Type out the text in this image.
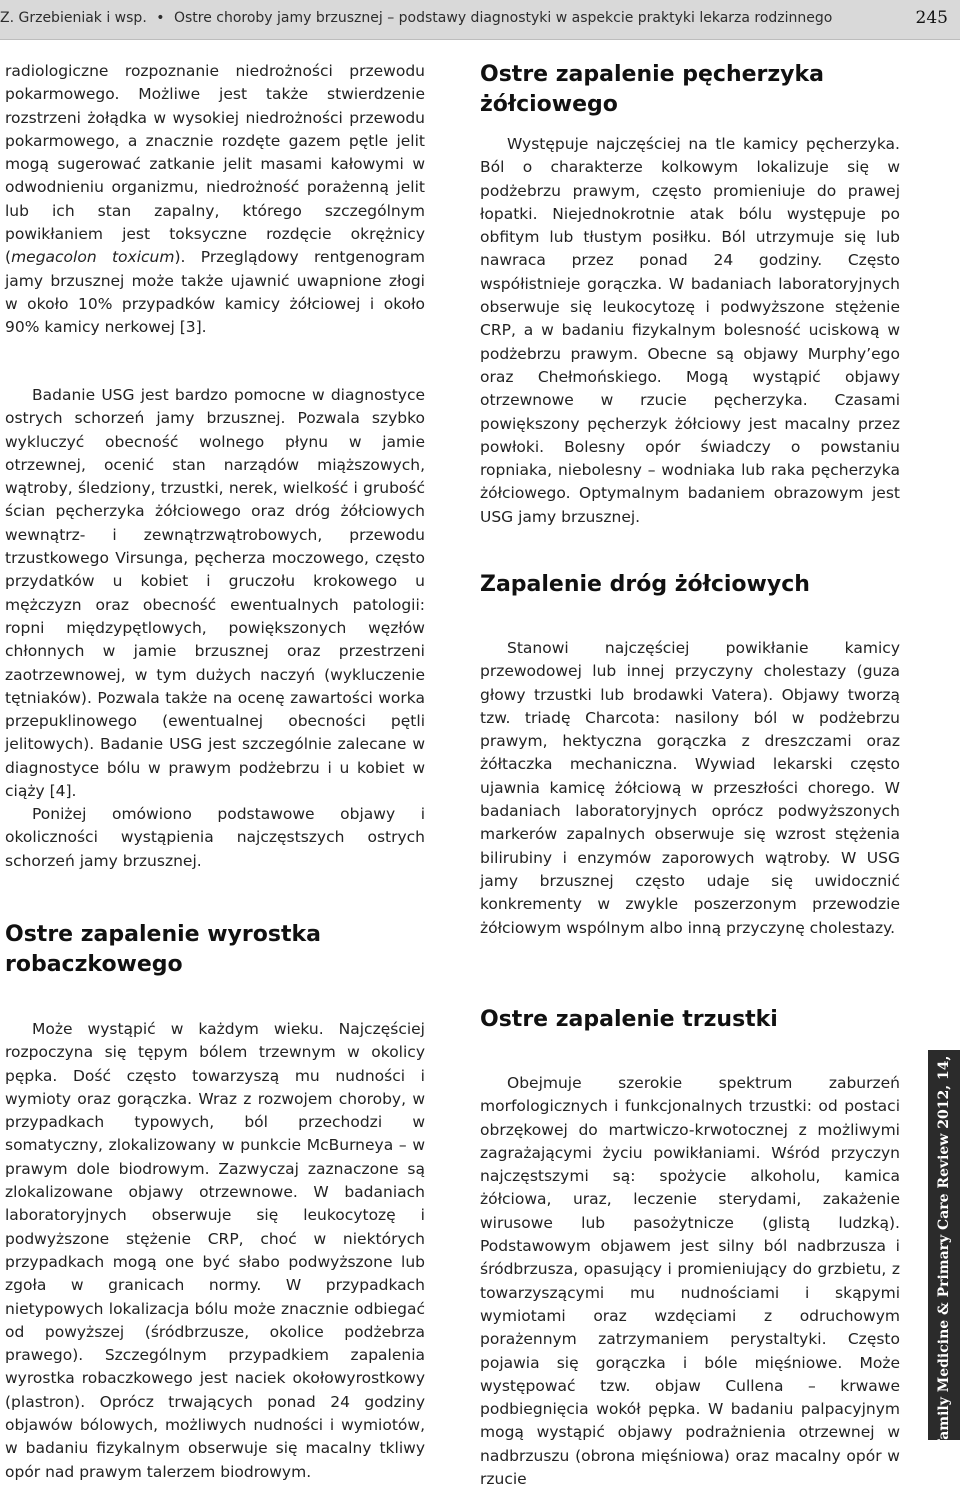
Z. Grzebieniak i wsp. • Ostre choroby jamy brzusznej – podstawy diagnostyki w aspekcie praktyki lekarza rodzinnego	245

radiologiczne rozpoznanie niedrożności przewodu pokarmowego. Możliwe jest także stwierdzenie rozstrzeni żołądka w wysokiej niedrożności przewodu pokarmowego, a znacznie rozdęte gazem pętle jelit mogą sugerować zatkanie jelit masami kałowymi w odwodnieniu organizmu, niedrożność porażenną jelit lub ich stan zapalny, którego szczególnym powikłaniem jest toksyczne rozdęcie okrężnicy (megacolon toxicum). Przeglądowy rentgenogram jamy brzusznej może także ujawnić uwapnione złogi w około 10% przypadków kamicy żółciowej i około 90% kamicy nerkowej [3].

Badanie USG jest bardzo pomocne w diagnostyce ostrych schorzeń jamy brzusznej. Pozwala szybko wykluczyć obecność wolnego płynu w jamie otrzewnej, ocenić stan narządów miąższowych, wątroby, śledziony, trzustki, nerek, wielkość i grubość ścian pęcherzyka żółciowego oraz dróg żółciowych wewnątrz- i zewnątrzwątrobowych, przewodu trzustkowego Virsunga, pęcherza moczowego, często przydatków u kobiet i gruczołu krokowego u mężczyzn oraz obecność ewentualnych patologii: ropni międzypętlowych, powiększonych węzłów chłonnych w jamie brzusznej oraz przestrzeni zaotrzewnowej, w tym dużych naczyń (wykluczenie tętniaków). Pozwala także na ocenę zawartości worka przepuklinowego (ewentualnej obecności pętli jelitowych). Badanie USG jest szczególnie zalecane w diagnostyce bólu w prawym podżebrzu i u kobiet w ciąży [4].

Poniżej omówiono podstawowe objawy i okoliczności wystąpienia najczęstszych ostrych schorzeń jamy brzusznej.

Ostre zapalenie wyrostka robaczkowego

Może wystąpić w każdym wieku. Najczęściej rozpoczyna się tępym bólem trzewnym w okolicy pępka. Dość często towarzyszą mu nudności i wymioty oraz gorączka. Wraz z rozwojem choroby, w przypadkach typowych, ból przechodzi w somatyczny, zlokalizowany w punkcie McBurneya – w prawym dole biodrowym. Zazwyczaj zaznaczone są zlokalizowane objawy otrzewnowe. W badaniach laboratoryjnych obserwuje się leukocytozę i podwyższone stężenie CRP, choć w niektórych przypadkach mogą one być słabo podwyższone lub zgoła w granicach normy. W przypadkach nietypowych lokalizacja bólu może znacznie odbiegać od powyższej (śródbrzusze, okolice podżebrza prawego). Szczególnym przypadkiem zapalenia wyrostka robaczkowego jest naciek okołowyrostkowy (plastron). Oprócz trwających ponad 24 godziny objawów bólowych, możliwych nudności i wymiotów, w badaniu fizykalnym obserwuje się macalny tkliwy opór nad prawym talerzem biodrowym.

Ostre zapalenie pęcherzyka żółciowego

Występuje najczęściej na tle kamicy pęcherzyka. Ból o charakterze kolkowym lokalizuje się w podżebrzu prawym, często promieniuje do prawej łopatki. Niejednokrotnie atak bólu występuje po obfitym lub tłustym posiłku. Ból utrzymuje się lub nawraca przez ponad 24 godziny. Często współistnieje gorączka. W badaniach laboratoryjnych obserwuje się leukocytozę i podwyższone stężenie CRP, a w badaniu fizykalnym bolesność uciskową w podżebrzu prawym. Obecne są objawy Murphy’ego oraz Chełmońskiego. Mogą wystąpić objawy otrzewnowe w rzucie pęcherzyka. Czasami powiększony pęcherzyk żółciowy jest macalny przez powłoki. Bolesny opór świadczy o powstaniu ropniaka, niebolesny – wodniaka lub raka pęcherzyka żółciowego. Optymalnym badaniem obrazowym jest USG jamy brzusznej.

Zapalenie dróg żółciowych

Stanowi najczęściej powikłanie kamicy przewodowej lub innej przyczyny cholestazy (guza głowy trzustki lub brodawki Vatera). Objawy tworzą tzw. triadę Charcota: nasilony ból w podżebrzu prawym, hektyczna gorączka z dreszczami oraz żółtaczka mechaniczna. Wywiad lekarski często ujawnia kamicę żółciową w przeszłości chorego. W badaniach laboratoryjnych oprócz podwyższonych markerów zapalnych obserwuje się wzrost stężenia bilirubiny i enzymów zaporowych wątroby. W USG jamy brzusznej często udaje się uwidocznić konkrementy w zwykle poszerzonym przewodzie żółciowym wspólnym albo inną przyczynę cholestazy.

Ostre zapalenie trzustki

Obejmuje szerokie spektrum zaburzeń morfologicznych i funkcjonalnych trzustki: od postaci obrzękowej do martwiczo-krwotocznej z możliwymi zagrażającymi życiu powikłaniami. Wśród przyczyn najczęstszymi są: spożycie alkoholu, kamica żółciowa, uraz, leczenie sterydami, zakażenie wirusowe lub pasożytnicze (glistą ludzką). Podstawowym objawem jest silny ból nadbrzusza i śródbrzusza, opasujący i promieniujący do grzbietu, z towarzyszącymi mu nudnościami i skąpymi wymiotami oraz wzdęciami z odruchowym porażennym zatrzymaniem perystaltyki. Często pojawia się gorączka i bóle mięśniowe. Może występować tzw. objaw Cullena – krwawe podbiegnięcia wokół pępka. W badaniu palpacyjnym mogą wystąpić objawy podrażnienia otrzewnej w nadbrzuszu (obrona mięśniowa) oraz macalny opór w rzucie

Family Medicine & Primary Care Review 2012, 14, 2
